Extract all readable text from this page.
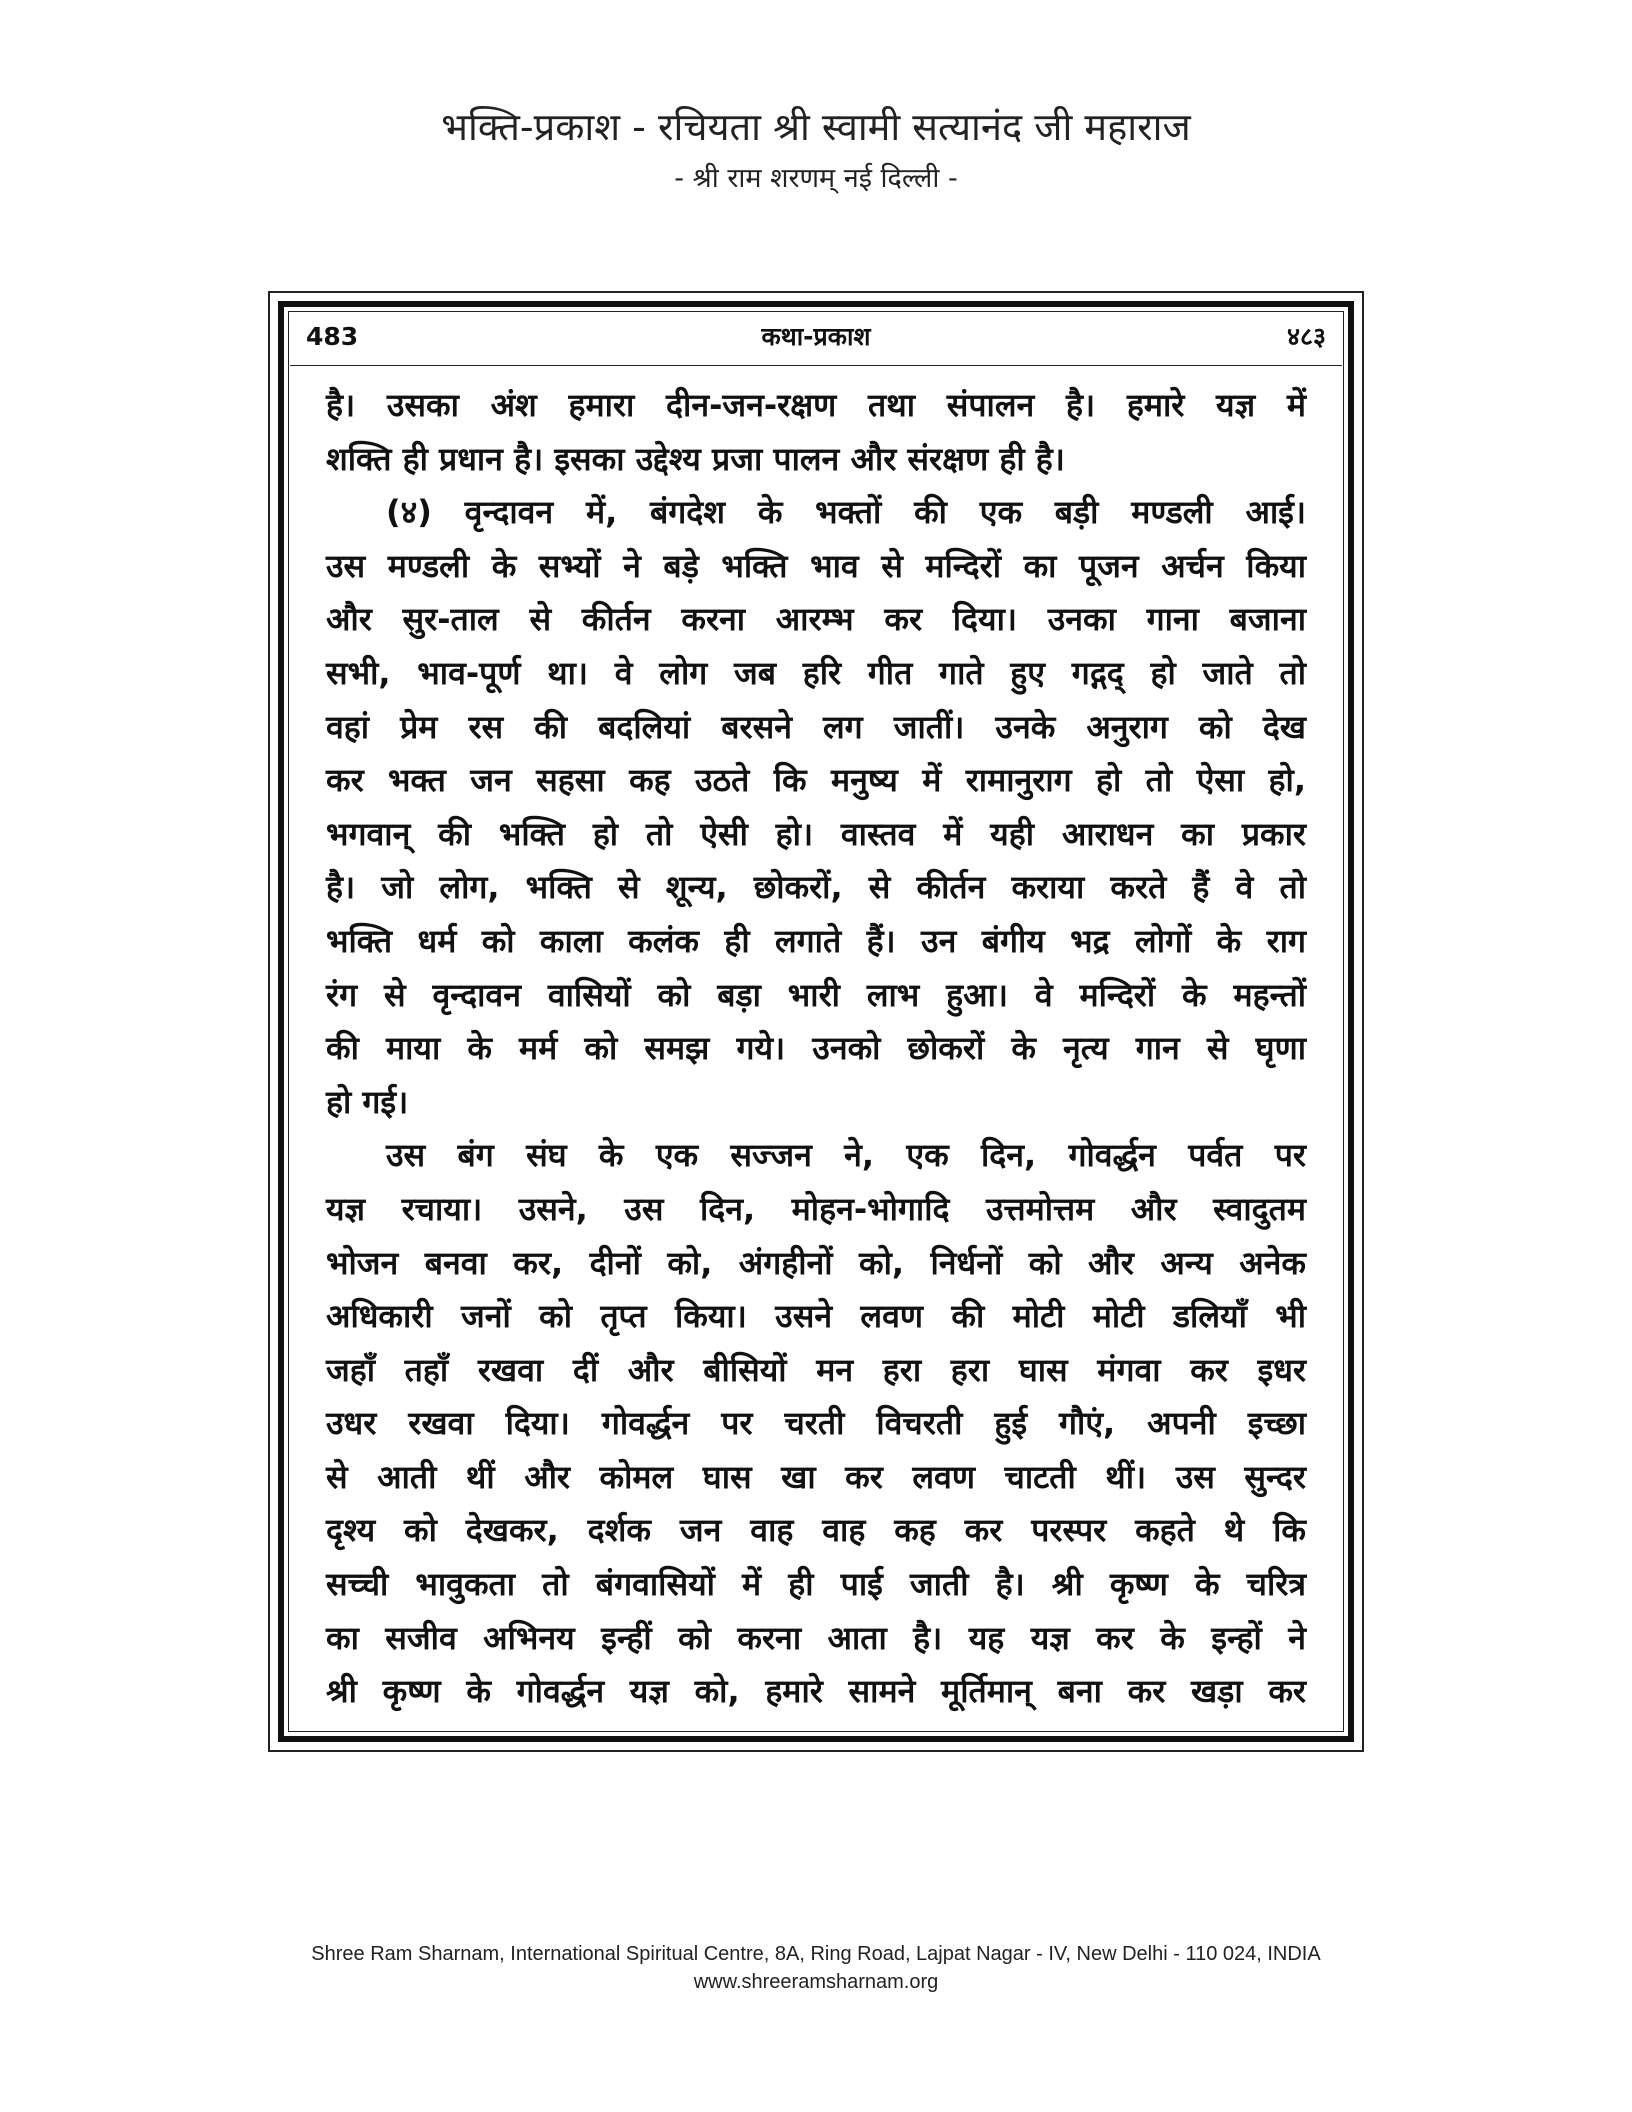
भक्ति-प्रकाश - रचियता श्री स्वामी सत्यानंद जी महाराज
- श्री राम शरणम् नई दिल्ली -
कथा-प्रकाश
483	४८३
है। उसका अंश हमारा दीन-जन-रक्षण तथा संपालन है। हमारे यज्ञ में
शक्ति ही प्रधान है। इसका उद्देश्य प्रजा पालन और संरक्षण ही है।
(४) वृन्दावन में, बंगदेश के भक्तों की एक बड़ी मण्डली आई।
उस मण्डली के सभ्यों ने बड़े भक्ति भाव से मन्दिरों का पूजन अर्चन किया
और सुर-ताल से कीर्तन करना आरम्भ कर दिया। उनका गाना बजाना
सभी, भाव-पूर्ण था। वे लोग जब हरि गीत गाते हुए गद्गद् हो जाते तो
वहां प्रेम रस की बदलियां बरसने लग जातीं। उनके अनुराग को देख
कर भक्त जन सहसा कह उठते कि मनुष्य में रामानुराग हो तो ऐसा हो,
भगवान् की भक्ति हो तो ऐसी हो। वास्तव में यही आराधन का प्रकार
है। जो लोग, भक्ति से शून्य, छोकरों, से कीर्तन कराया करते हैं वे तो
भक्ति धर्म को काला कलंक ही लगाते हैं। उन बंगीय भद्र लोगों के राग
रंग से वृन्दावन वासियों को बड़ा भारी लाभ हुआ। वे मन्दिरों के महन्तों
की माया के मर्म को समझ गये। उनको छोकरों के नृत्य गान से घृणा
हो गई।
उस बंग संघ के एक सज्जन ने, एक दिन, गोवर्द्धन पर्वत पर
यज्ञ रचाया। उसने, उस दिन, मोहन-भोगादि उत्तमोत्तम और स्वादुतम
भोजन बनवा कर, दीनों को, अंगहीनों को, निर्धनों को और अन्य अनेक
अधिकारी जनों को तृप्त किया। उसने लवण की मोटी मोटी डलियाँ भी
जहाँ तहाँ रखवा दीं और बीसियों मन हरा हरा घास मंगवा कर इधर
उधर रखवा दिया। गोवर्द्धन पर चरती विचरती हुई गौएं, अपनी इच्छा
से आती थीं और कोमल घास खा कर लवण चाटती थीं। उस सुन्दर
दृश्य को देखकर, दर्शक जन वाह वाह कह कर परस्पर कहते थे कि
सच्ची भावुकता तो बंगवासियों में ही पाई जाती है। श्री कृष्ण के चरित्र
का सजीव अभिनय इन्हीं को करना आता है। यह यज्ञ कर के इन्हों ने
श्री कृष्ण के गोवर्द्धन यज्ञ को, हमारे सामने मूर्तिमान् बना कर खड़ा कर
Shree Ram Sharnam, International Spiritual Centre, 8A, Ring Road, Lajpat Nagar - IV, New Delhi - 110 024, INDIA
www.shreeramsharnam.org
